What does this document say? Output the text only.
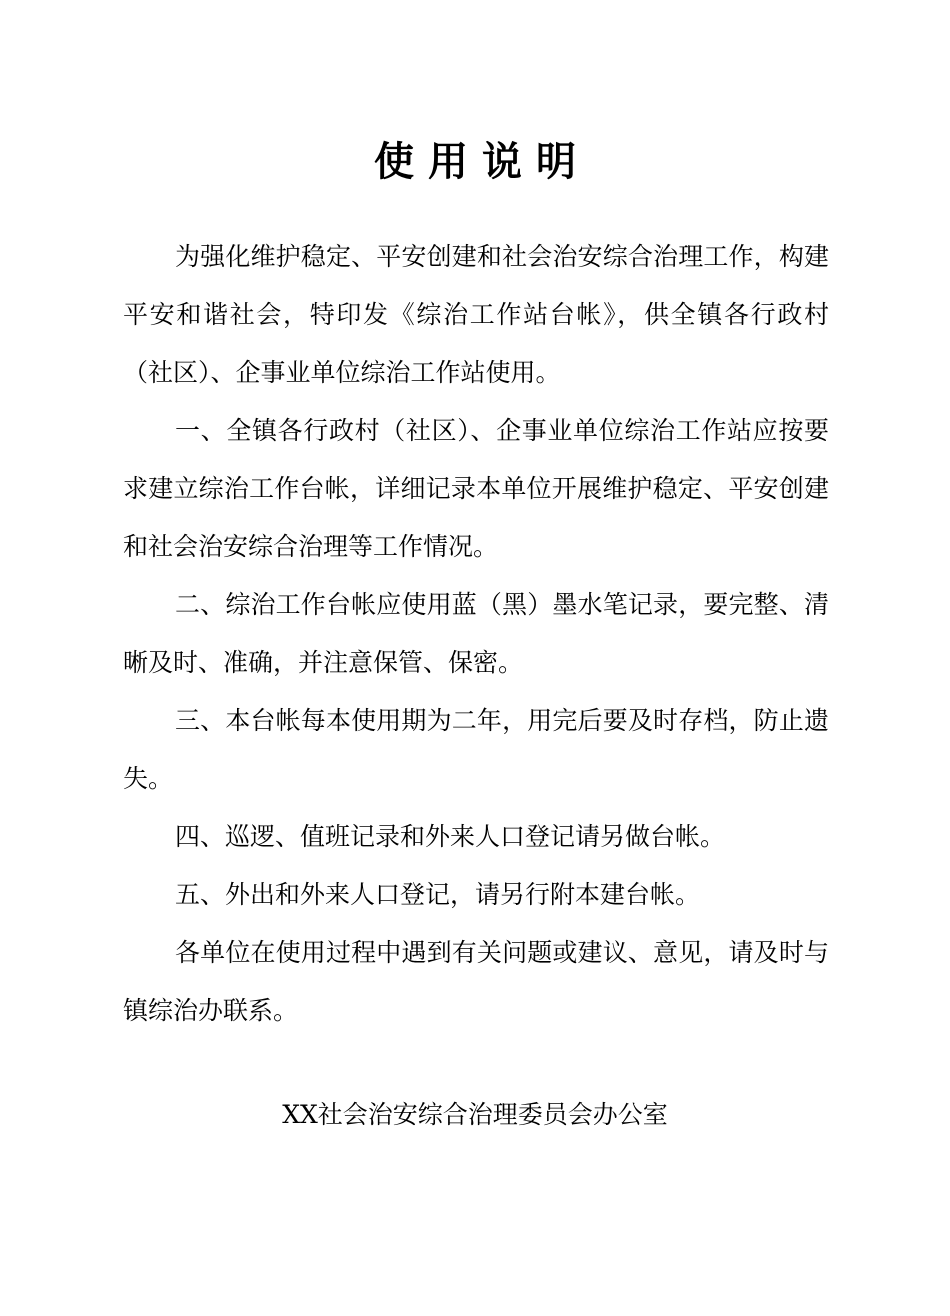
使用说明

为强化维护稳定、平安创建和社会治安综合治理工作，构建平安和谐社会，特印发《综治工作站台帐》，供全镇各行政村（社区）、企事业单位综治工作站使用。

一、全镇各行政村（社区）、企事业单位综治工作站应按要求建立综治工作台帐，详细记录本单位开展维护稳定、平安创建和社会治安综合治理等工作情况。

二、综治工作台帐应使用蓝（黑）墨水笔记录，要完整、清晰及时、准确，并注意保管、保密。

三、本台帐每本使用期为二年，用完后要及时存档，防止遗失。

四、巡逻、值班记录和外来人口登记请另做台帐。

五、外出和外来人口登记，请另行附本建台帐。

各单位在使用过程中遇到有关问题或建议、意见，请及时与镇综治办联系。

XX社会治安综合治理委员会办公室
